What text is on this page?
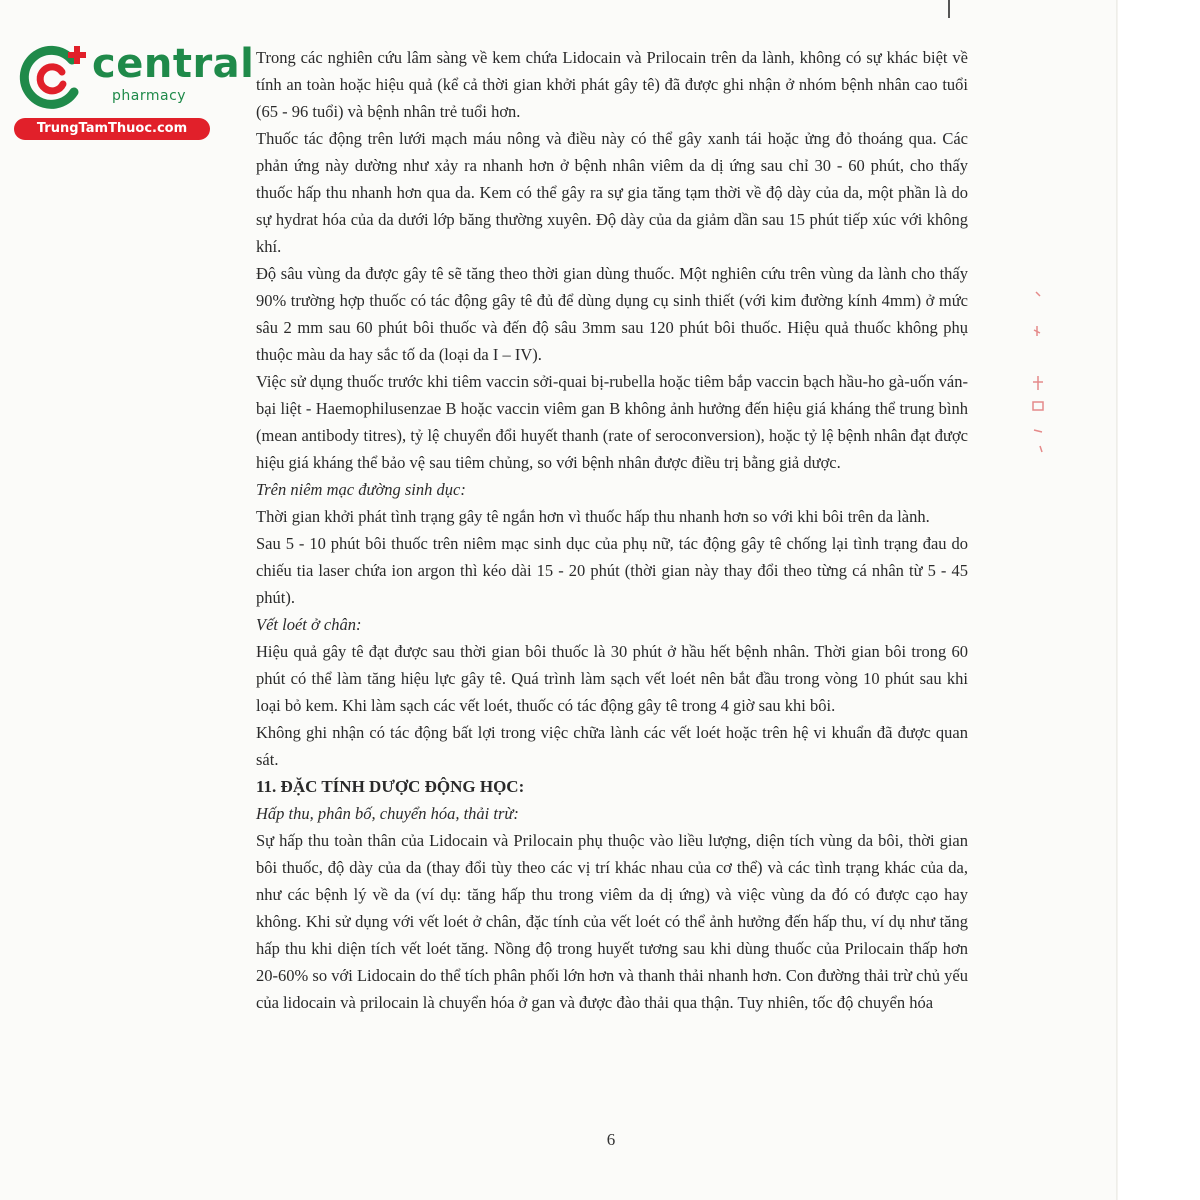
central
pharmacy
TrungTamThuoc.com

Trong các nghiên cứu lâm sàng về kem chứa Lidocain và Prilocain trên da lành, không có sự khác biệt về tính an toàn hoặc hiệu quả (kể cả thời gian khởi phát gây tê) đã được ghi nhận ở nhóm bệnh nhân cao tuổi (65 - 96 tuổi) và bệnh nhân trẻ tuổi hơn.

Thuốc tác động trên lưới mạch máu nông và điều này có thể gây xanh tái hoặc ửng đỏ thoáng qua. Các phản ứng này dường như xảy ra nhanh hơn ở bệnh nhân viêm da dị ứng sau chỉ 30 - 60 phút, cho thấy thuốc hấp thu nhanh hơn qua da. Kem có thể gây ra sự gia tăng tạm thời về độ dày của da, một phần là do sự hydrat hóa của da dưới lớp băng thường xuyên. Độ dày của da giảm dần sau 15 phút tiếp xúc với không khí.

Độ sâu vùng da được gây tê sẽ tăng theo thời gian dùng thuốc. Một nghiên cứu trên vùng da lành cho thấy 90% trường hợp thuốc có tác động gây tê đủ để dùng dụng cụ sinh thiết (với kim đường kính 4mm) ở mức sâu 2 mm sau 60 phút bôi thuốc và đến độ sâu 3mm sau 120 phút bôi thuốc. Hiệu quả thuốc không phụ thuộc màu da hay sắc tố da (loại da I – IV).

Việc sử dụng thuốc trước khi tiêm vaccin sởi-quai bị-rubella hoặc tiêm bắp vaccin bạch hầu-ho gà-uốn ván-bại liệt - Haemophilusenzae B hoặc vaccin viêm gan B không ảnh hưởng đến hiệu giá kháng thể trung bình (mean antibody titres), tỷ lệ chuyển đổi huyết thanh (rate of seroconversion), hoặc tỷ lệ bệnh nhân đạt được hiệu giá kháng thể bảo vệ sau tiêm chủng, so với bệnh nhân được điều trị bằng giả dược.

Trên niêm mạc đường sinh dục:

Thời gian khởi phát tình trạng gây tê ngắn hơn vì thuốc hấp thu nhanh hơn so với khi bôi trên da lành.

Sau 5 - 10 phút bôi thuốc trên niêm mạc sinh dục của phụ nữ, tác động gây tê chống lại tình trạng đau do chiếu tia laser chứa ion argon thì kéo dài 15 - 20 phút (thời gian này thay đổi theo từng cá nhân từ 5 - 45 phút).

Vết loét ở chân:

Hiệu quả gây tê đạt được sau thời gian bôi thuốc là 30 phút ở hầu hết bệnh nhân. Thời gian bôi trong 60 phút có thể làm tăng hiệu lực gây tê. Quá trình làm sạch vết loét nên bắt đầu trong vòng 10 phút sau khi loại bỏ kem. Khi làm sạch các vết loét, thuốc có tác động gây tê trong 4 giờ sau khi bôi.

Không ghi nhận có tác động bất lợi trong việc chữa lành các vết loét hoặc trên hệ vi khuẩn đã được quan sát.

11. ĐẶC TÍNH DƯỢC ĐỘNG HỌC:

Hấp thu, phân bố, chuyển hóa, thải trừ:

Sự hấp thu toàn thân của Lidocain và Prilocain phụ thuộc vào liều lượng, diện tích vùng da bôi, thời gian bôi thuốc, độ dày của da (thay đổi tùy theo các vị trí khác nhau của cơ thể) và các tình trạng khác của da, như các bệnh lý về da (ví dụ: tăng hấp thu trong viêm da dị ứng) và việc vùng da đó có được cạo hay không. Khi sử dụng với vết loét ở chân, đặc tính của vết loét có thể ảnh hưởng đến hấp thu, ví dụ như tăng hấp thu khi diện tích vết loét tăng. Nồng độ trong huyết tương sau khi dùng thuốc của Prilocain thấp hơn 20-60% so với Lidocain do thể tích phân phối lớn hơn và thanh thải nhanh hơn. Con đường thải trừ chủ yếu của lidocain và prilocain là chuyển hóa ở gan và được đào thải qua thận. Tuy nhiên, tốc độ chuyển hóa

6
